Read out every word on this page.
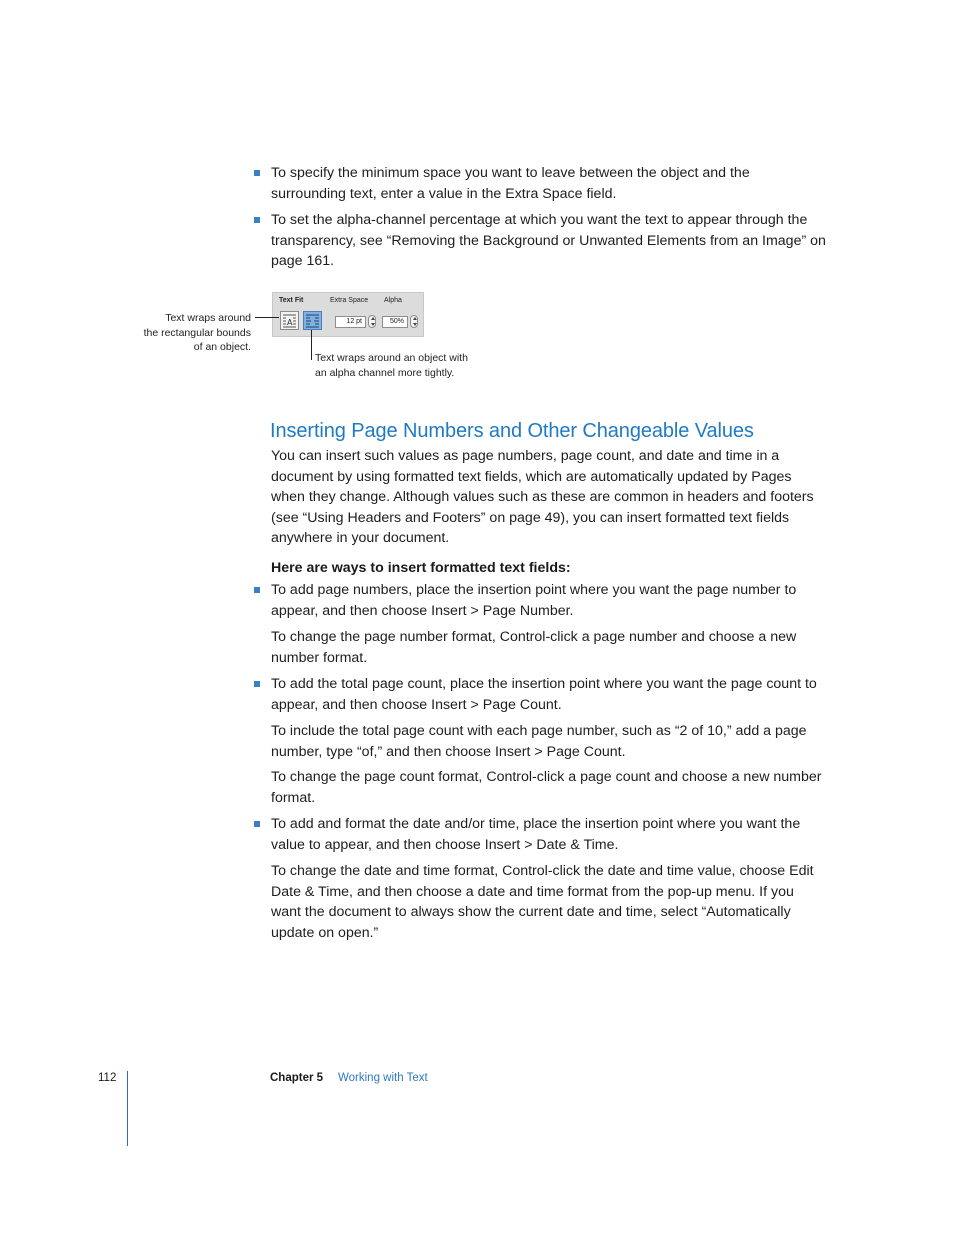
To specify the minimum space you want to leave between the object and the surrounding text, enter a value in the Extra Space field.
To set the alpha-channel percentage at which you want the text to appear through the transparency, see “Removing the Background or Unwanted Elements from an Image” on page 161.
Text Fit	Extra Space Alpha
A	12 pt	50%
Text wraps around
the rectangular bounds
of an object.
Text wraps around an object with
an alpha channel more tightly.
Inserting Page Numbers and Other Changeable Values
You can insert such values as page numbers, page count, and date and time in a document by using formatted text fields, which are automatically updated by Pages when they change. Although values such as these are common in headers and footers (see “Using Headers and Footers” on page 49), you can insert formatted text fields anywhere in your document.
Here are ways to insert formatted text fields:
To add page numbers, place the insertion point where you want the page number to appear, and then choose Insert > Page Number.
To change the page number format, Control-click a page number and choose a new number format.
To add the total page count, place the insertion point where you want the page count to appear, and then choose Insert > Page Count.
To include the total page count with each page number, such as “2 of 10,” add a page number, type “of,” and then choose Insert > Page Count.
To change the page count format, Control-click a page count and choose a new number format.
To add and format the date and/or time, place the insertion point where you want the value to appear, and then choose Insert > Date & Time.
To change the date and time format, Control-click the date and time value, choose Edit Date & Time, and then choose a date and time format from the pop-up menu. If you want the document to always show the current date and time, select “Automatically update on open.”
112	Chapter 5 Working with Text
